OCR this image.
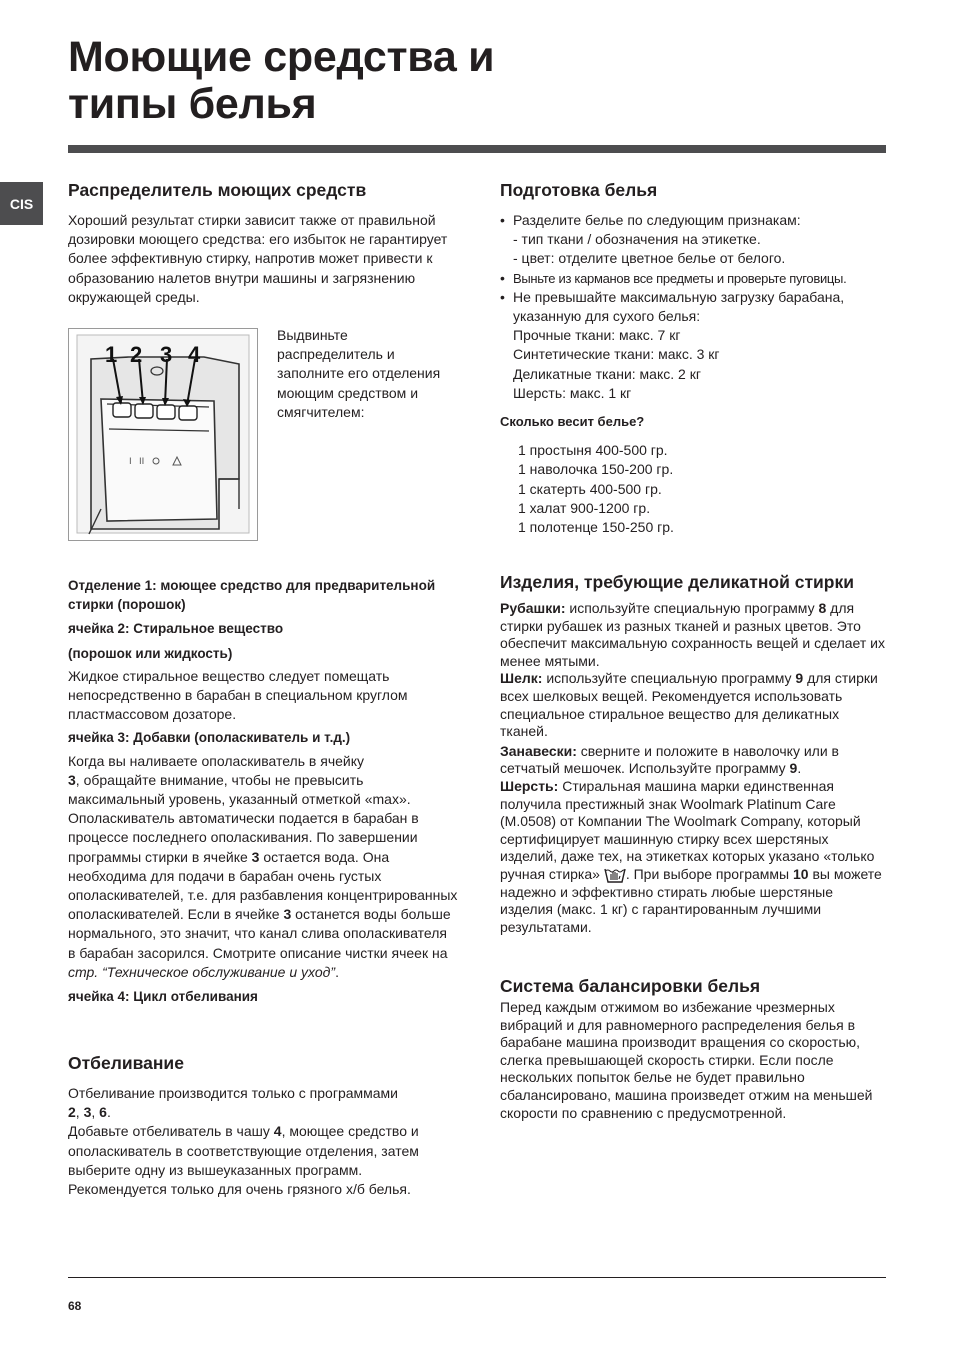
Моющие средства и
типы белья
CIS

Распределитель моющих средств

Хороший результат стирки зависит также от правильной дозировки моющего средства: его избыток не гарантирует более эффективную стирку, напротив может привести к образованию налетов внутри машины и загрязнению окружающей среды.

I II
1 2 3 4

Выдвиньте распределитель и заполните его отделения моющим средством и смягчителем:

Отделение 1: моющее средство для предварительной стирки (порошок)

ячейка 2: Стиральное вещество

(порошок или жидкость)

Жидкое стиральное вещество следует помещать непосредственно в барабан в специальном круглом пластмассовом дозаторе.

ячейка 3: Добавки (ополаскиватель и т.д.)

Когда вы наливаете ополаскиватель в ячейку
3, обращайте внимание, чтобы не превысить максимальный уровень, указанный отметкой «max». Ополаскиватель автоматически подается в барабан в процессе последнего ополаскивания. По завершении программы стирки в ячейке 3 остается вода. Она необходима для подачи в барабан очень густых ополаскивателей, т.е. для разбавления концентрированных ополаскивателей. Если в ячейке 3 останется воды больше нормального, это значит, что канал слива ополаскивателя в барабан засорился. Смотрите описание чистки ячеек на стр. “Техническое обслуживание и уход”.

ячейка 4: Цикл отбеливания

Отбеливание

Отбеливание производится только с программами
2, 3, 6.

Добавьте отбеливатель в чашу 4, моющее средство и ополаскиватель в соответствующие отделения, затем выберите одну из вышеуказанных программ. Рекомендуется только для очень грязного х/б белья.

Подготовка белья

• Разделите белье по следующим признакам:
- тип ткани / обозначения на этикетке.
- цвет: отделите цветное белье от белого.
• Выньте из карманов все предметы и проверьте пуговицы.
• Не превышайте максимальную загрузку барабана, указанную для сухого белья:
Прочные ткани: макс. 7 кг
Синтетические ткани: макс. 3 кг
Деликатные ткани: макс. 2 кг
Шерсть: макс. 1 кг

Сколько весит белье?

1 простыня 400-500 гр.
1 наволочка 150-200 гр.
1 скатерть 400-500 гр.
1 халат 900-1200 гр.
1 полотенце 150-250 гр.

Изделия, требующие деликатной стирки

Рубашки: используйте специальную программу 8 для стирки рубашек из разных тканей и разных цветов. Это обеспечит максимальную сохранность вещей и сделает их менее мятыми.

Шелк: используйте специальную программу 9 для стирки всех шелковых вещей. Рекомендуется использовать специальное стиральное вещество для деликатных тканей.

Занавески: сверните и положите в наволочку или в сетчатый мешочек. Используйте программу 9.

Шерсть: Стиральная машина марки единственная получила престижный знак Woolmark Platinum Care (M.0508) от Компании The Woolmark Company, который сертифицирует машинную стирку всех шерстяных изделий, даже тех, на этикетках которых указано «только ручная стирка» . При выборе программы 10 вы можете надежно и эффективно стирать любые шерстяные изделия (макс. 1 кг) с гарантированным лучшими результатами.

Система балансировки белья

Перед каждым отжимом во избежание чрезмерных вибраций и для равномерного распределения белья в барабане машина производит вращения со скоростью, слегка превышающей скорость стирки. Если после нескольких попыток белье не будет правильно сбалансировано, машина произведет отжим на меньшей скорости по сравнению с предусмотренной.

68
